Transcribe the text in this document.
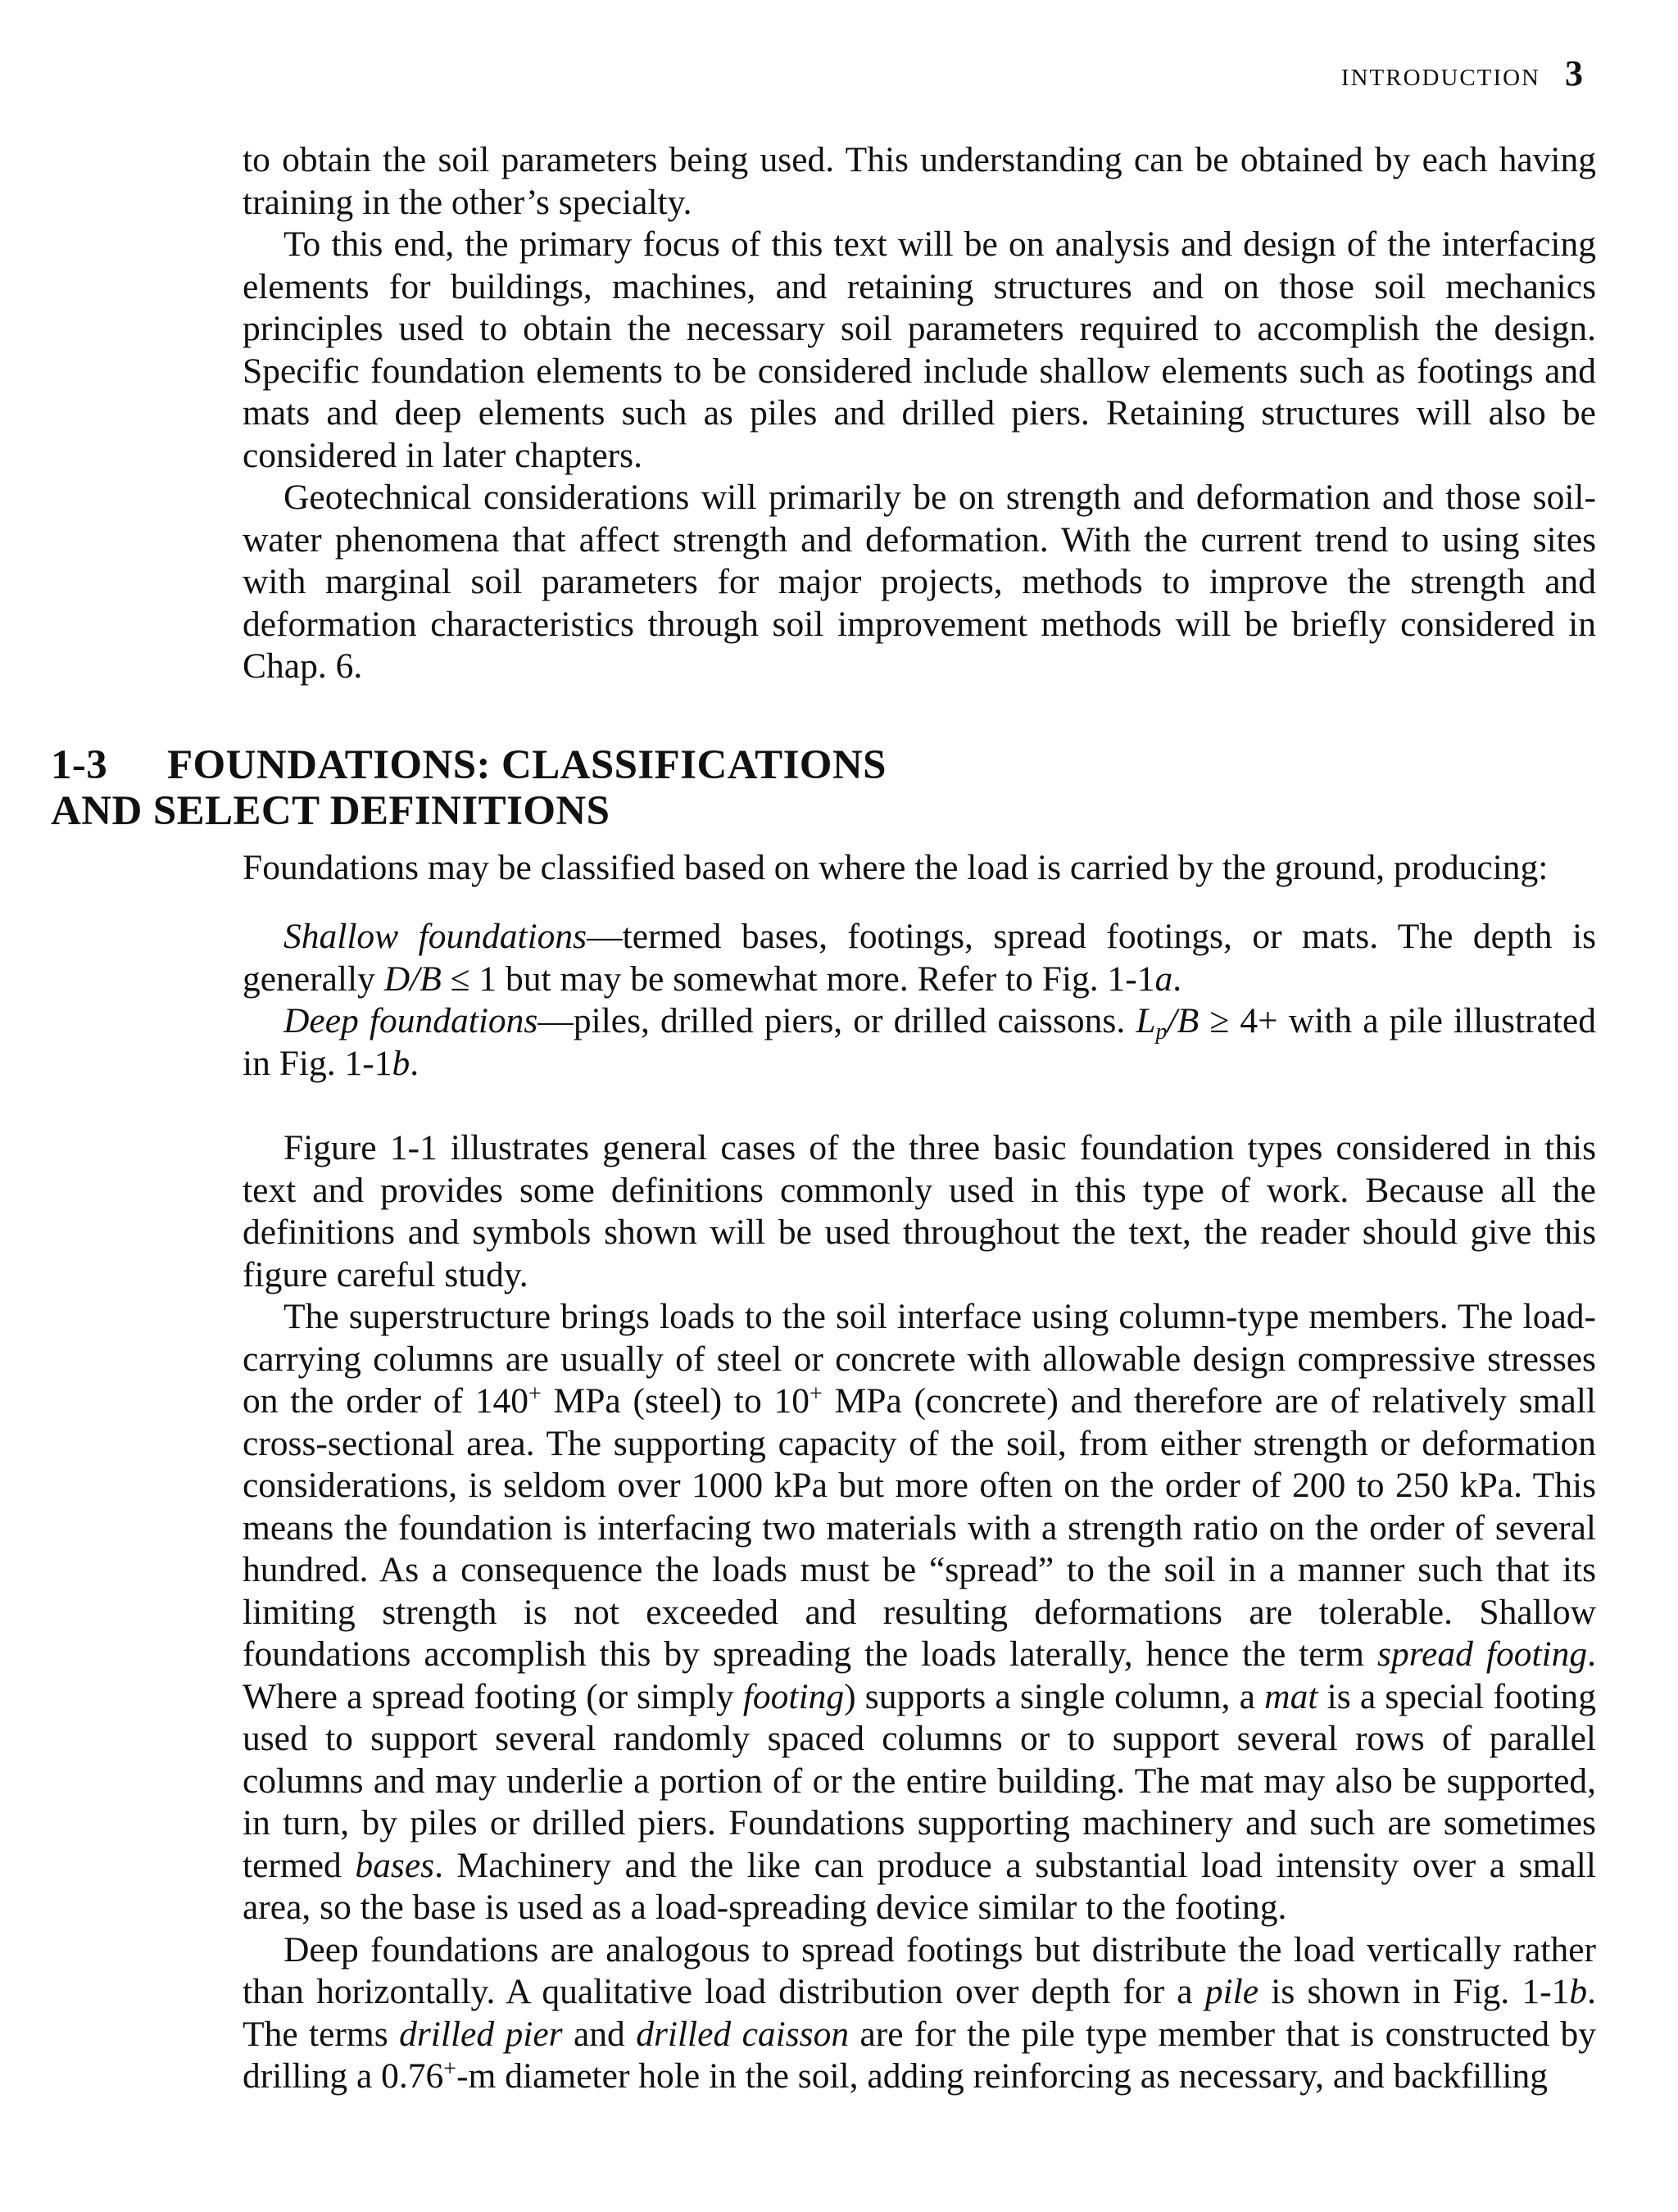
INTRODUCTION 3

to obtain the soil parameters being used. This understanding can be obtained by each having training in the other’s specialty.

To this end, the primary focus of this text will be on analysis and design of the interfacing elements for buildings, machines, and retaining structures and on those soil mechanics principles used to obtain the necessary soil parameters required to accomplish the design. Specific foundation elements to be considered include shallow elements such as footings and mats and deep elements such as piles and drilled piers. Retaining structures will also be considered in later chapters.

Geotechnical considerations will primarily be on strength and deformation and those soil-water phenomena that affect strength and deformation. With the current trend to using sites with marginal soil parameters for major projects, methods to improve the strength and deformation characteristics through soil improvement methods will be briefly considered in Chap. 6.

1-3 FOUNDATIONS: CLASSIFICATIONS
AND SELECT DEFINITIONS

Foundations may be classified based on where the load is carried by the ground, producing:

Shallow foundations—termed bases, footings, spread footings, or mats. The depth is generally D/B ≤ 1 but may be somewhat more. Refer to Fig. 1-1a.

Deep foundations—piles, drilled piers, or drilled caissons. $L_p/B \ge 4+$ with a pile illustrated in Fig. 1-1b.

Figure 1-1 illustrates general cases of the three basic foundation types considered in this text and provides some definitions commonly used in this type of work. Because all the definitions and symbols shown will be used throughout the text, the reader should give this figure careful study.

The superstructure brings loads to the soil interface using column-type members. The load-carrying columns are usually of steel or concrete with allowable design compressive stresses on the order of 140+ MPa (steel) to 10+ MPa (concrete) and therefore are of relatively small cross-sectional area. The supporting capacity of the soil, from either strength or deformation considerations, is seldom over 1000 kPa but more often on the order of 200 to 250 kPa. This means the foundation is interfacing two materials with a strength ratio on the order of several hundred. As a consequence the loads must be “spread” to the soil in a manner such that its limiting strength is not exceeded and resulting deformations are tolerable. Shallow foundations accomplish this by spreading the loads laterally, hence the term spread footing. Where a spread footing (or simply footing) supports a single column, a mat is a special footing used to support several randomly spaced columns or to support several rows of parallel columns and may underlie a portion of or the entire building. The mat may also be supported, in turn, by piles or drilled piers. Foundations supporting machinery and such are sometimes termed bases. Machinery and the like can produce a substantial load intensity over a small area, so the base is used as a load-spreading device similar to the footing.

Deep foundations are analogous to spread footings but distribute the load vertically rather than horizontally. A qualitative load distribution over depth for a pile is shown in Fig. 1-1b. The terms drilled pier and drilled caisson are for the pile type member that is constructed by drilling a 0.76+-m diameter hole in the soil, adding reinforcing as necessary, and backfilling
